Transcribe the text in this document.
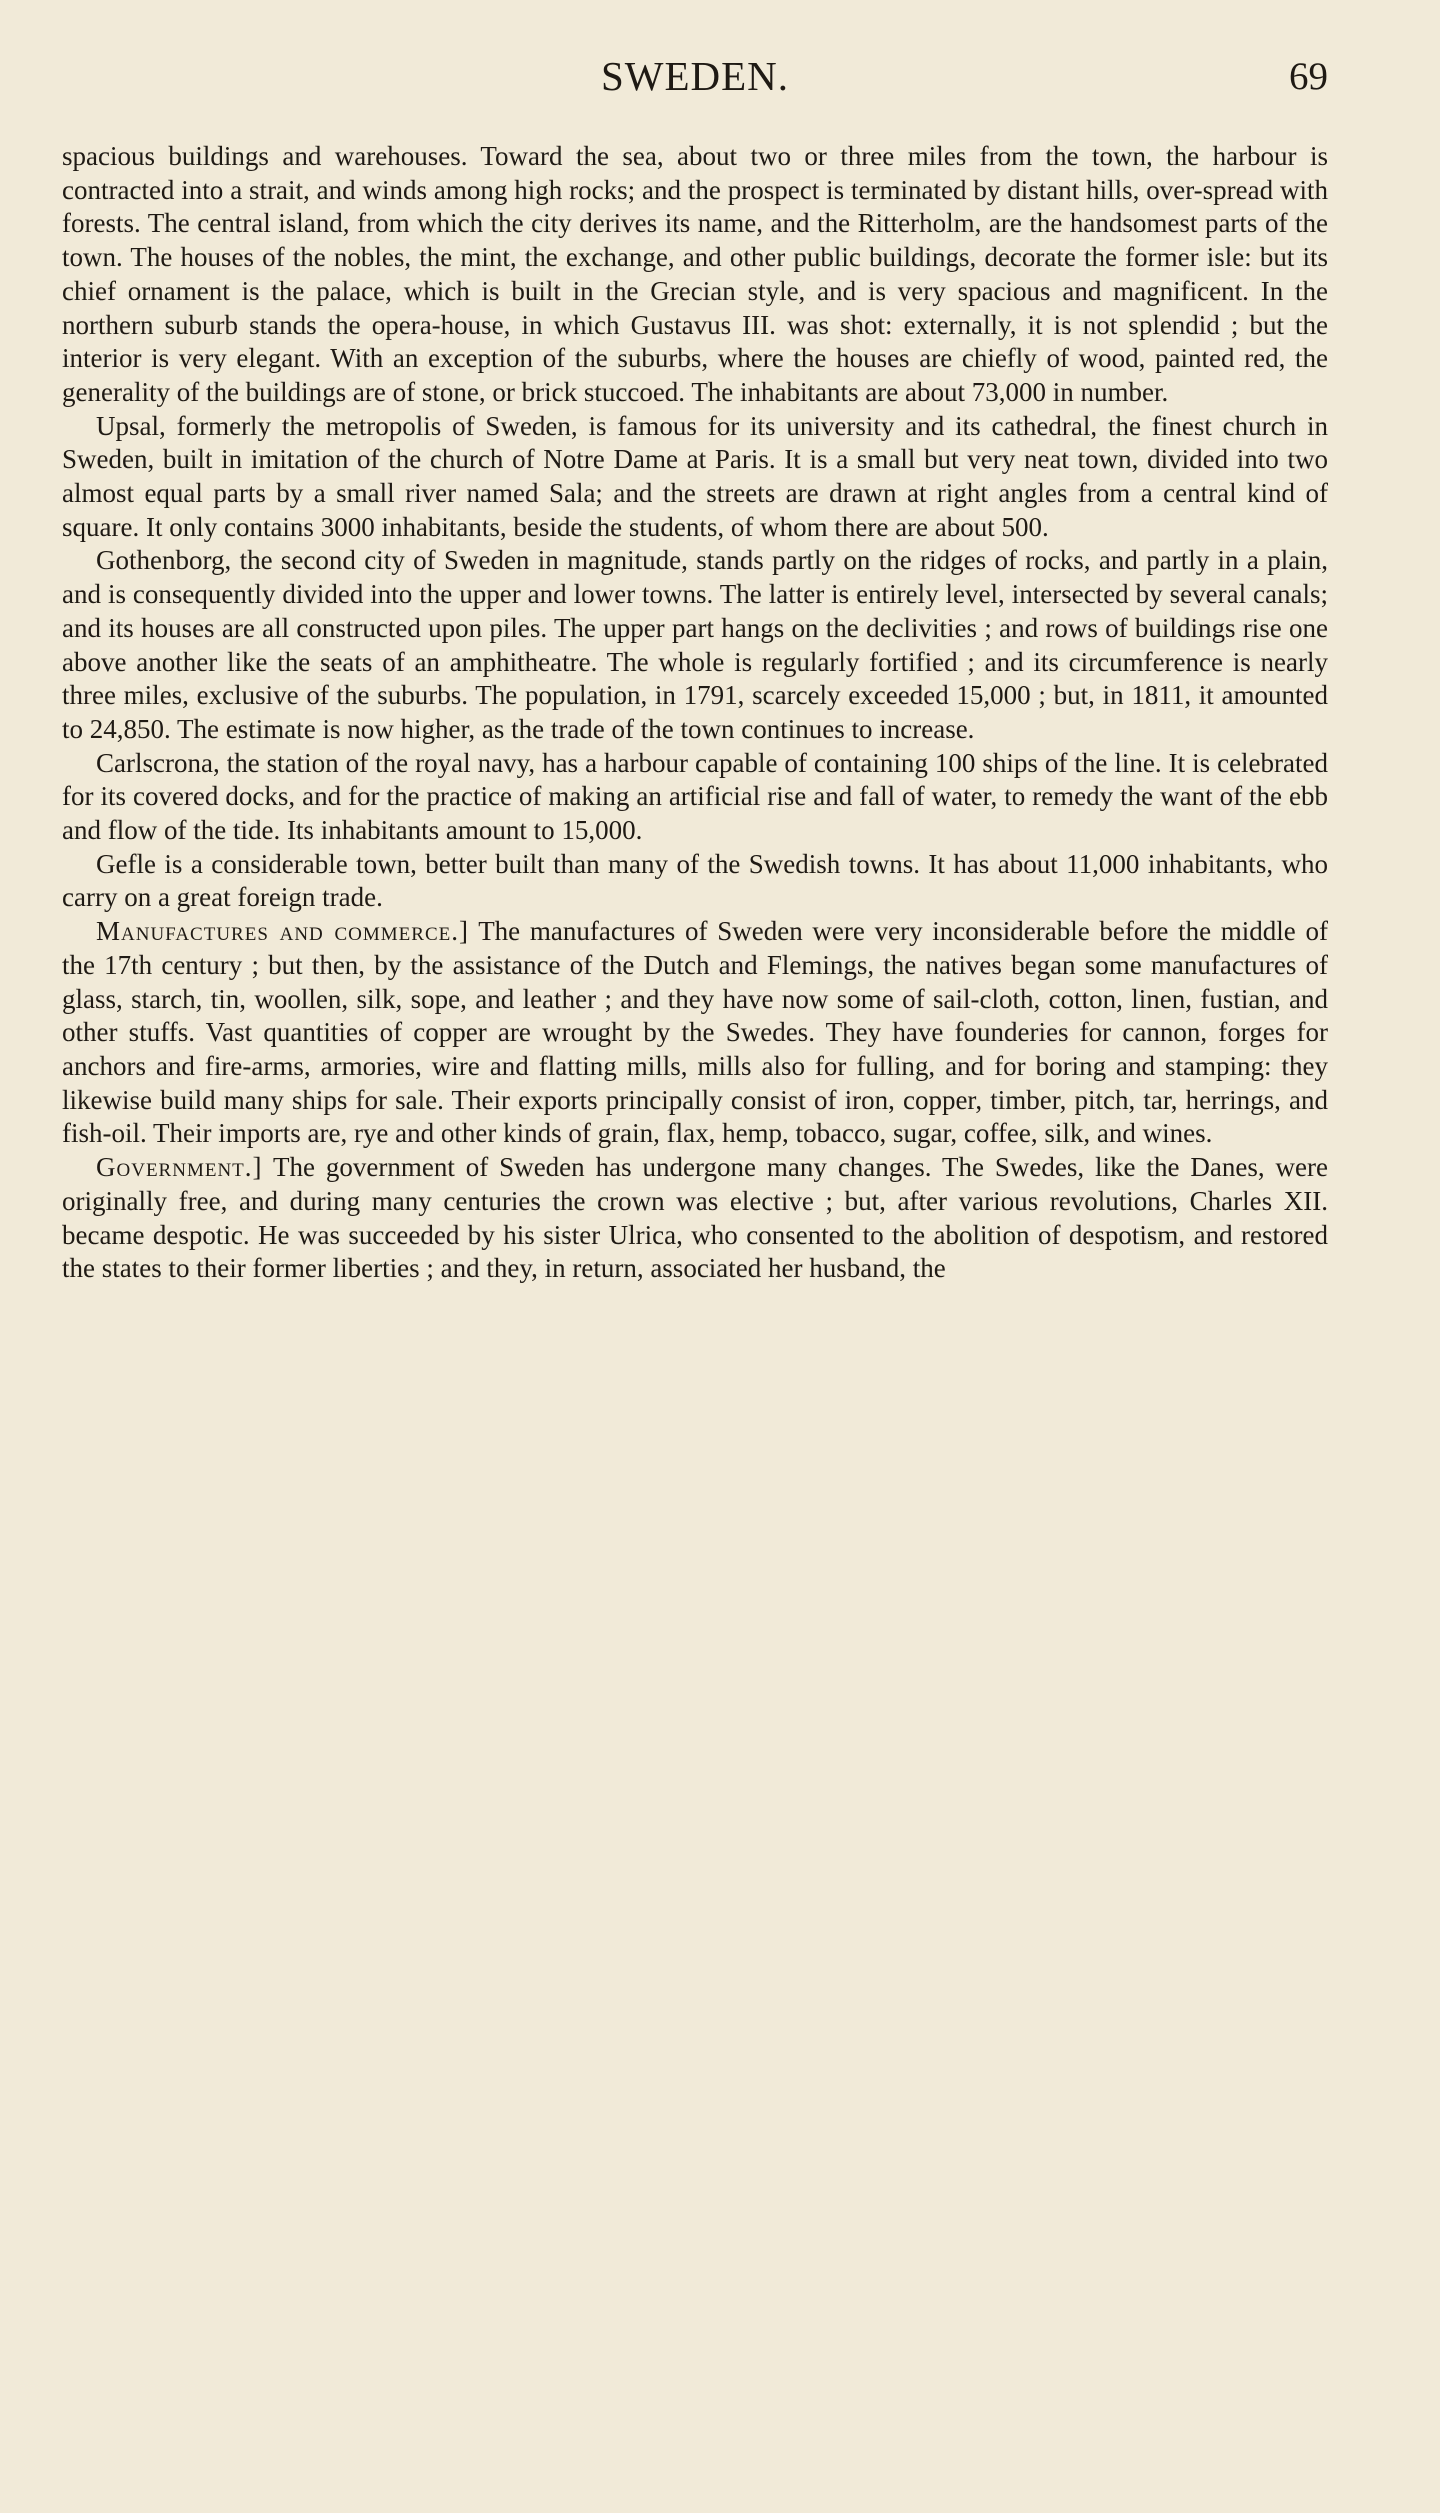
SWEDEN.	69

spacious buildings and warehouses. Toward the sea, about two or three miles from the town, the harbour is contracted into a strait, and winds among high rocks; and the prospect is terminated by distant hills, over-spread with forests. The central island, from which the city derives its name, and the Ritterholm, are the handsomest parts of the town. The houses of the nobles, the mint, the exchange, and other public buildings, decorate the former isle: but its chief ornament is the palace, which is built in the Grecian style, and is very spacious and magnificent. In the northern suburb stands the opera-house, in which Gustavus III. was shot: externally, it is not splendid ; but the interior is very elegant. With an exception of the suburbs, where the houses are chiefly of wood, painted red, the generality of the buildings are of stone, or brick stuccoed. The inhabitants are about 73,000 in number.

Upsal, formerly the metropolis of Sweden, is famous for its university and its cathedral, the finest church in Sweden, built in imitation of the church of Notre Dame at Paris. It is a small but very neat town, divided into two almost equal parts by a small river named Sala; and the streets are drawn at right angles from a central kind of square. It only contains 3000 inhabitants, beside the students, of whom there are about 500.

Gothenborg, the second city of Sweden in magnitude, stands partly on the ridges of rocks, and partly in a plain, and is consequently divided into the upper and lower towns. The latter is entirely level, intersected by several canals; and its houses are all constructed upon piles. The upper part hangs on the declivities ; and rows of buildings rise one above another like the seats of an amphitheatre. The whole is regularly fortified ; and its circumference is nearly three miles, exclusive of the suburbs. The population, in 1791, scarcely exceeded 15,000 ; but, in 1811, it amounted to 24,850. The estimate is now higher, as the trade of the town continues to increase.

Carlscrona, the station of the royal navy, has a harbour capable of containing 100 ships of the line. It is celebrated for its covered docks, and for the practice of making an artificial rise and fall of water, to remedy the want of the ebb and flow of the tide. Its inhabitants amount to 15,000.

Gefle is a considerable town, better built than many of the Swedish towns. It has about 11,000 inhabitants, who carry on a great foreign trade.

Manufactures and commerce.] The manufactures of Sweden were very inconsiderable before the middle of the 17th century ; but then, by the assistance of the Dutch and Flemings, the natives began some manufactures of glass, starch, tin, woollen, silk, sope, and leather ; and they have now some of sail-cloth, cotton, linen, fustian, and other stuffs. Vast quantities of copper are wrought by the Swedes. They have founderies for cannon, forges for anchors and fire-arms, armories, wire and flatting mills, mills also for fulling, and for boring and stamping: they likewise build many ships for sale. Their exports principally consist of iron, copper, timber, pitch, tar, herrings, and fish-oil. Their imports are, rye and other kinds of grain, flax, hemp, tobacco, sugar, coffee, silk, and wines.

Government.] The government of Sweden has undergone many changes. The Swedes, like the Danes, were originally free, and during many centuries the crown was elective ; but, after various revolutions, Charles XII. became despotic. He was succeeded by his sister Ulrica, who consented to the abolition of despotism, and restored the states to their former liberties ; and they, in return, associated her husband, the
